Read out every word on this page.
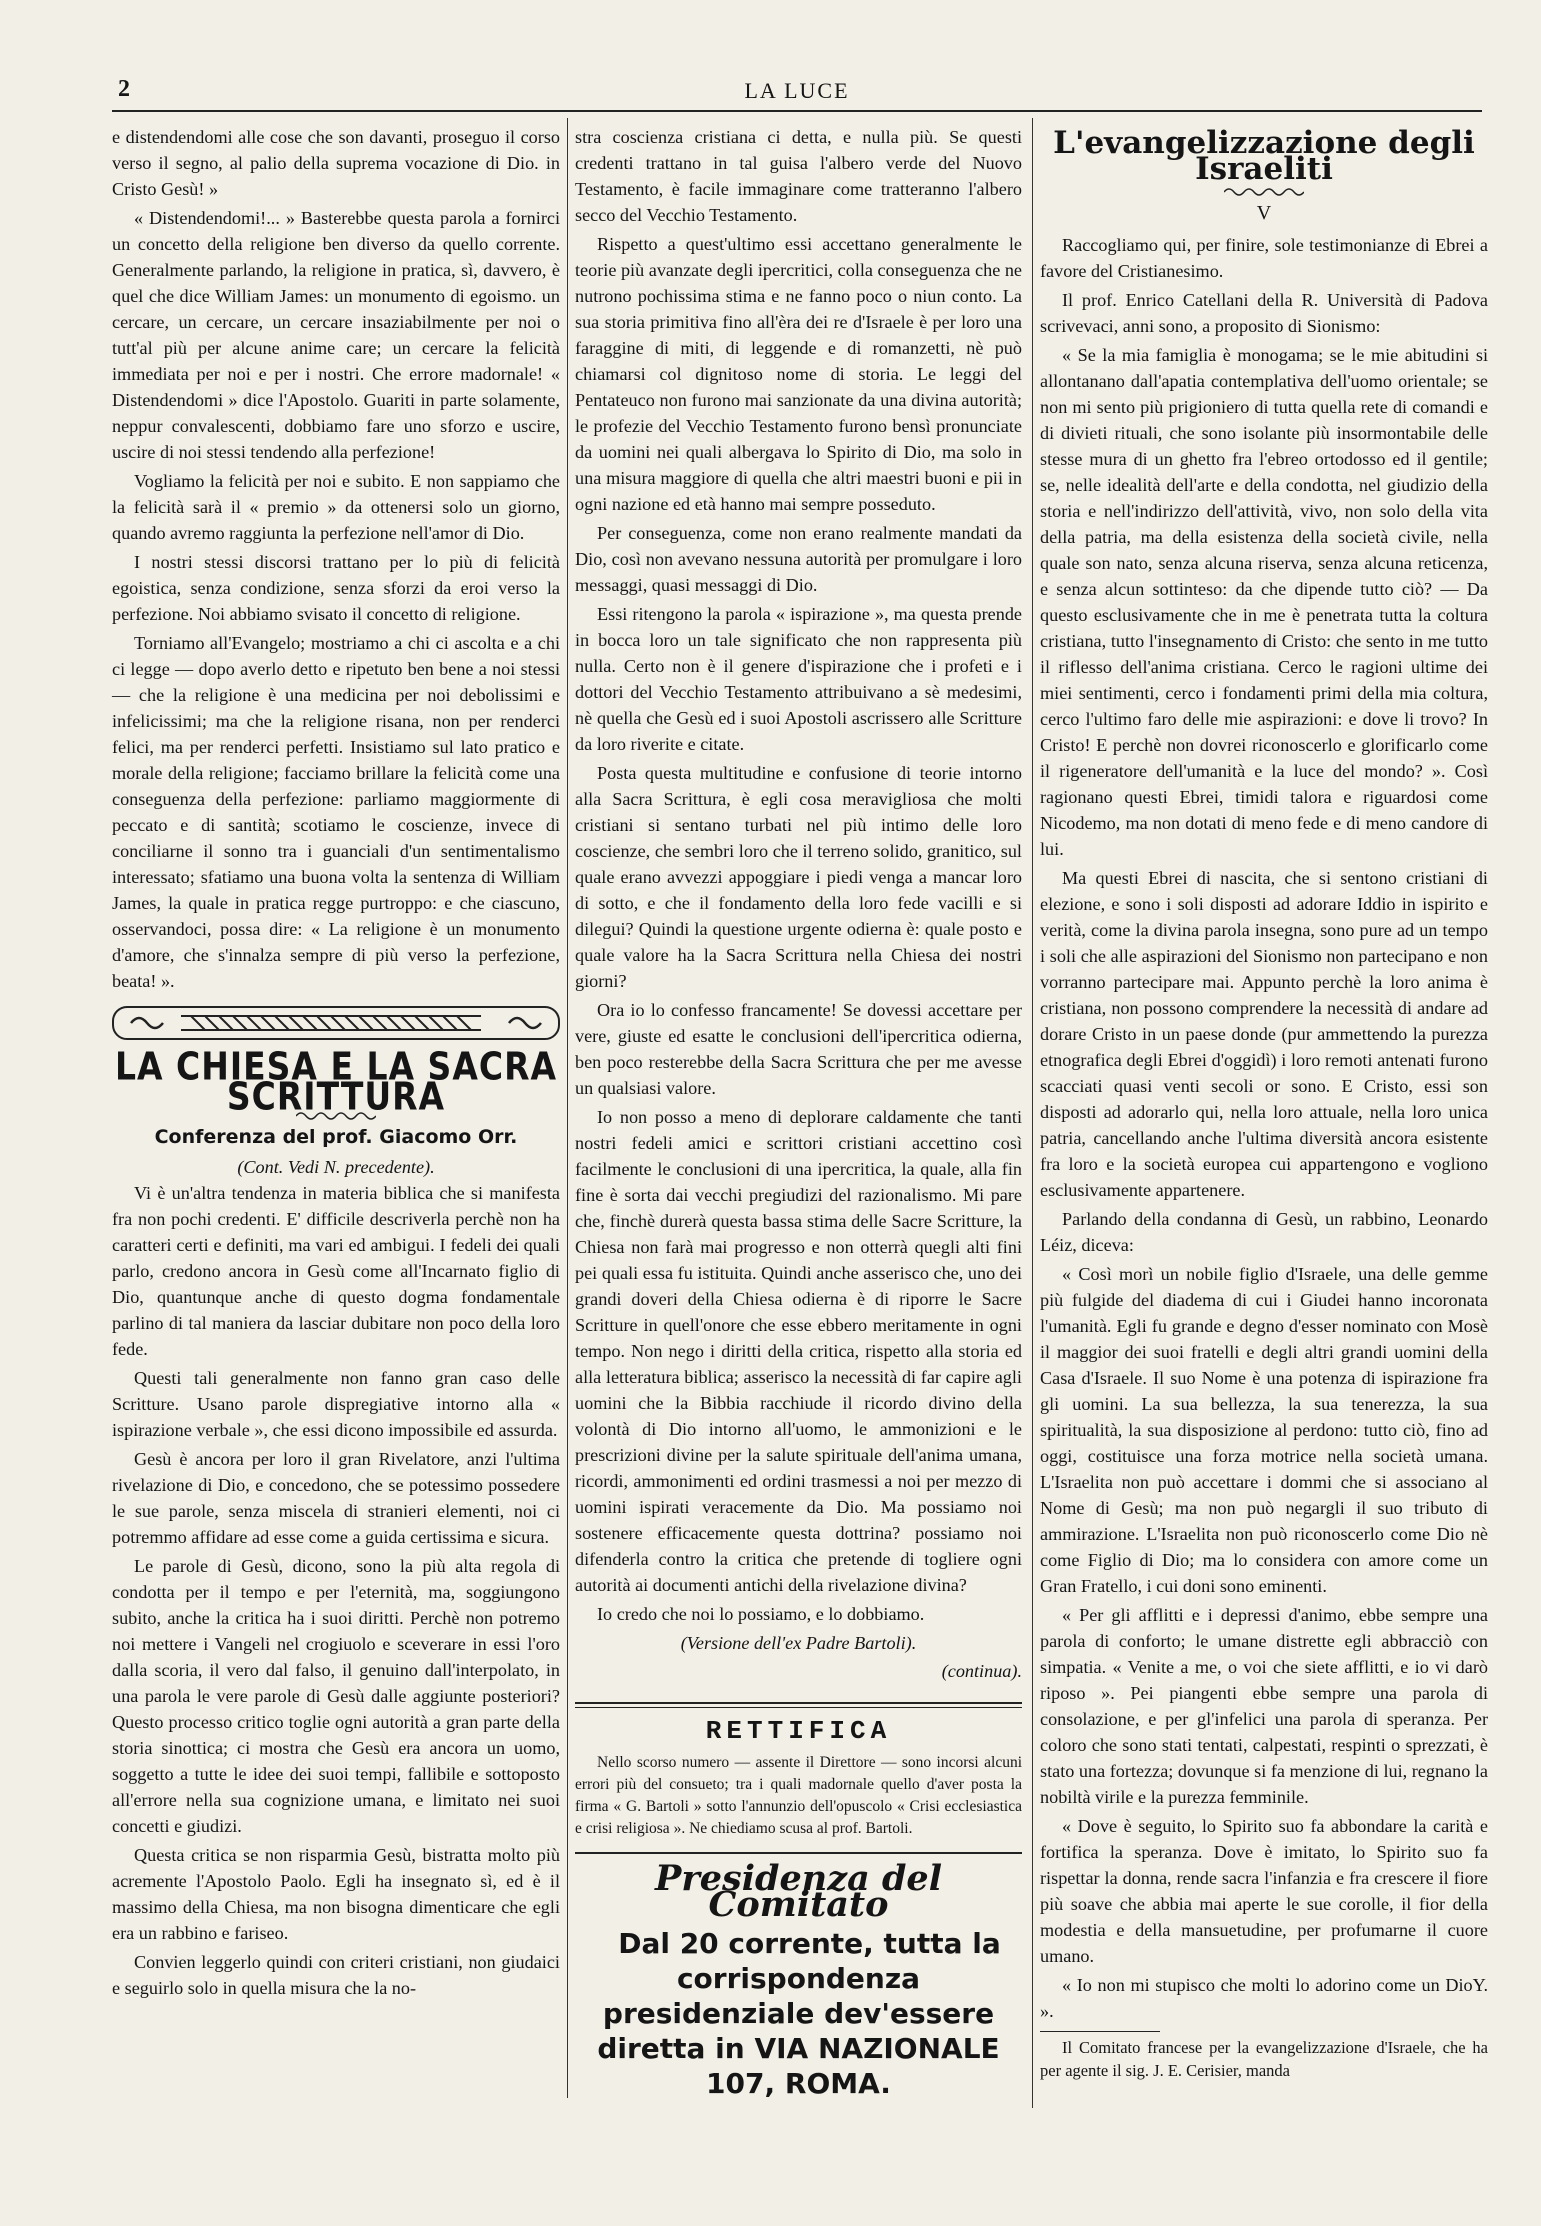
2	LA LUCE

e distendendomi alle cose che son davanti, proseguo il corso verso il segno, al palio della suprema vocazione di Dio. in Cristo Gesù! »

« Distendendomi!... » Basterebbe questa parola a fornirci un concetto della religione ben diverso da quello corrente. Generalmente parlando, la religione in pratica, sì, davvero, è quel che dice William James: un monumento di egoismo. un cercare, un cercare, un cercare insaziabilmente per noi o tutt'al più per alcune anime care; un cercare la felicità immediata per noi e per i nostri. Che errore madornale! « Distendendomi » dice l'Apostolo. Guariti in parte solamente, neppur convalescenti, dobbiamo fare uno sforzo e uscire, uscire di noi stessi tendendo alla perfezione!

Vogliamo la felicità per noi e subito. E non sappiamo che la felicità sarà il « premio » da ottenersi solo un giorno, quando avremo raggiunta la perfezione nell'amor di Dio.

I nostri stessi discorsi trattano per lo più di felicità egoistica, senza condizione, senza sforzi da eroi verso la perfezione. Noi abbiamo svisato il concetto di religione.

Torniamo all'Evangelo; mostriamo a chi ci ascolta e a chi ci legge — dopo averlo detto e ripetuto ben bene a noi stessi — che la religione è una medicina per noi debolissimi e infelicissimi; ma che la religione risana, non per renderci felici, ma per renderci perfetti. Insistiamo sul lato pratico e morale della religione; facciamo brillare la felicità come una conseguenza della perfezione: parliamo maggiormente di peccato e di santità; scotiamo le coscienze, invece di conciliarne il sonno tra i guanciali d'un sentimentalismo interessato; sfatiamo una buona volta la sentenza di William James, la quale in pratica regge purtroppo: e che ciascuno, osservandoci, possa dire: « La religione è un monumento d'amore, che s'innalza sempre di più verso la perfezione, beata! ».

LA CHIESA E LA SACRA SCRITTURA
Conferenza del prof. Giacomo Orr.
(Cont. Vedi N. precedente).

Vi è un'altra tendenza in materia biblica che si manifesta fra non pochi credenti. E' difficile descriverla perchè non ha caratteri certi e definiti, ma vari ed ambigui. I fedeli dei quali parlo, credono ancora in Gesù come all'Incarnato figlio di Dio, quantunque anche di questo dogma fondamentale parlino di tal maniera da lasciar dubitare non poco della loro fede.

Questi tali generalmente non fanno gran caso delle Scritture. Usano parole dispregiative intorno alla « ispirazione verbale », che essi dicono impossibile ed assurda.

Gesù è ancora per loro il gran Rivelatore, anzi l'ultima rivelazione di Dio, e concedono, che se potessimo possedere le sue parole, senza miscela di stranieri elementi, noi ci potremmo affidare ad esse come a guida certissima e sicura.

Le parole di Gesù, dicono, sono la più alta regola di condotta per il tempo e per l'eternità, ma, soggiungono subito, anche la critica ha i suoi diritti. Perchè non potremo noi mettere i Vangeli nel crogiuolo e sceverare in essi l'oro dalla scoria, il vero dal falso, il genuino dall'interpolato, in una parola le vere parole di Gesù dalle aggiunte posteriori? Questo processo critico toglie ogni autorità a gran parte della storia sinottica; ci mostra che Gesù era ancora un uomo, soggetto a tutte le idee dei suoi tempi, fallibile e sottoposto all'errore nella sua cognizione umana, e limitato nei suoi concetti e giudizi.

Questa critica se non risparmia Gesù, bistratta molto più acremente l'Apostolo Paolo. Egli ha insegnato sì, ed è il massimo della Chiesa, ma non bisogna dimenticare che egli era un rabbino e fariseo.

Convien leggerlo quindi con criteri cristiani, non giudaici e seguirlo solo in quella misura che la no-

stra coscienza cristiana ci detta, e nulla più. Se questi credenti trattano in tal guisa l'albero verde del Nuovo Testamento, è facile immaginare come tratteranno l'albero secco del Vecchio Testamento.

Rispetto a quest'ultimo essi accettano generalmente le teorie più avanzate degli ipercritici, colla conseguenza che ne nutrono pochissima stima e ne fanno poco o niun conto. La sua storia primitiva fino all'èra dei re d'Israele è per loro una faraggine di miti, di leggende e di romanzetti, nè può chiamarsi col dignitoso nome di storia. Le leggi del Pentateuco non furono mai sanzionate da una divina autorità; le profezie del Vecchio Testamento furono bensì pronunciate da uomini nei quali albergava lo Spirito di Dio, ma solo in una misura maggiore di quella che altri maestri buoni e pii in ogni nazione ed età hanno mai sempre posseduto.

Per conseguenza, come non erano realmente mandati da Dio, così non avevano nessuna autorità per promulgare i loro messaggi, quasi messaggi di Dio.

Essi ritengono la parola « ispirazione », ma questa prende in bocca loro un tale significato che non rappresenta più nulla. Certo non è il genere d'ispirazione che i profeti e i dottori del Vecchio Testamento attribuivano a sè medesimi, nè quella che Gesù ed i suoi Apostoli ascrissero alle Scritture da loro riverite e citate.

Posta questa multitudine e confusione di teorie intorno alla Sacra Scrittura, è egli cosa meravigliosa che molti cristiani si sentano turbati nel più intimo delle loro coscienze, che sembri loro che il terreno solido, granitico, sul quale erano avvezzi appoggiare i piedi venga a mancar loro di sotto, e che il fondamento della loro fede vacilli e si dilegui? Quindi la questione urgente odierna è: quale posto e quale valore ha la Sacra Scrittura nella Chiesa dei nostri giorni?

Ora io lo confesso francamente! Se dovessi accettare per vere, giuste ed esatte le conclusioni dell'ipercritica odierna, ben poco resterebbe della Sacra Scrittura che per me avesse un qualsiasi valore.

Io non posso a meno di deplorare caldamente che tanti nostri fedeli amici e scrittori cristiani accettino così facilmente le conclusioni di una ipercritica, la quale, alla fin fine è sorta dai vecchi pregiudizi del razionalismo. Mi pare che, finchè durerà questa bassa stima delle Sacre Scritture, la Chiesa non farà mai progresso e non otterrà quegli alti fini pei quali essa fu istituita. Quindi anche asserisco che, uno dei grandi doveri della Chiesa odierna è di riporre le Sacre Scritture in quell'onore che esse ebbero meritamente in ogni tempo. Non nego i diritti della critica, rispetto alla storia ed alla letteratura biblica; asserisco la necessità di far capire agli uomini che la Bibbia racchiude il ricordo divino della volontà di Dio intorno all'uomo, le ammonizioni e le prescrizioni divine per la salute spirituale dell'anima umana, ricordi, ammonimenti ed ordini trasmessi a noi per mezzo di uomini ispirati veracemente da Dio. Ma possiamo noi sostenere efficacemente questa dottrina? possiamo noi difenderla contro la critica che pretende di togliere ogni autorità ai documenti antichi della rivelazione divina?

Io credo che noi lo possiamo, e lo dobbiamo.

(Versione dell'ex Padre Bartoli).
(continua).
RETTIFICA

Nello scorso numero — assente il Direttore — sono incorsi alcuni errori più del consueto; tra i quali madornale quello d'aver posta la firma « G. Bartoli » sotto l'annunzio dell'opuscolo « Crisi ecclesiastica e crisi religiosa ». Ne chiediamo scusa al prof. Bartoli.

Presidenza del Comitato

Dal 20 corrente, tutta la corrispondenza presidenziale dev'essere diretta in VIA NAZIONALE 107, ROMA.

L'evangelizzazione degli Israeliti
V

Raccogliamo qui, per finire, sole testimonianze di Ebrei a favore del Cristianesimo.

Il prof. Enrico Catellani della R. Università di Padova scrivevaci, anni sono, a proposito di Sionismo:

« Se la mia famiglia è monogama; se le mie abitudini si allontanano dall'apatia contemplativa dell'uomo orientale; se non mi sento più prigioniero di tutta quella rete di comandi e di divieti rituali, che sono isolante più insormontabile delle stesse mura di un ghetto fra l'ebreo ortodosso ed il gentile; se, nelle idealità dell'arte e della condotta, nel giudizio della storia e nell'indirizzo dell'attività, vivo, non solo della vita della patria, ma della esistenza della società civile, nella quale son nato, senza alcuna riserva, senza alcuna reticenza, e senza alcun sottinteso: da che dipende tutto ciò? — Da questo esclusivamente che in me è penetrata tutta la coltura cristiana, tutto l'insegnamento di Cristo: che sento in me tutto il riflesso dell'anima cristiana. Cerco le ragioni ultime dei miei sentimenti, cerco i fondamenti primi della mia coltura, cerco l'ultimo faro delle mie aspirazioni: e dove li trovo? In Cristo! E perchè non dovrei riconoscerlo e glorificarlo come il rigeneratore dell'umanità e la luce del mondo? ». Così ragionano questi Ebrei, timidi talora e riguardosi come Nicodemo, ma non dotati di meno fede e di meno candore di lui.

Ma questi Ebrei di nascita, che si sentono cristiani di elezione, e sono i soli disposti ad adorare Iddio in ispirito e verità, come la divina parola insegna, sono pure ad un tempo i soli che alle aspirazioni del Sionismo non partecipano e non vorranno partecipare mai. Appunto perchè la loro anima è cristiana, non possono comprendere la necessità di andare ad dorare Cristo in un paese donde (pur ammettendo la purezza etnografica degli Ebrei d'oggidì) i loro remoti antenati furono scacciati quasi venti secoli or sono. E Cristo, essi son disposti ad adorarlo qui, nella loro attuale, nella loro unica patria, cancellando anche l'ultima diversità ancora esistente fra loro e la società europea cui appartengono e vogliono esclusivamente appartenere.

Parlando della condanna di Gesù, un rabbino, Leonardo Léiz, diceva:

« Così morì un nobile figlio d'Israele, una delle gemme più fulgide del diadema di cui i Giudei hanno incoronata l'umanità. Egli fu grande e degno d'esser nominato con Mosè il maggior dei suoi fratelli e degli altri grandi uomini della Casa d'Israele. Il suo Nome è una potenza di ispirazione fra gli uomini. La sua bellezza, la sua tenerezza, la sua spiritualità, la sua disposizione al perdono: tutto ciò, fino ad oggi, costituisce una forza motrice nella società umana. L'Israelita non può accettare i dommi che si associano al Nome di Gesù; ma non può negargli il suo tributo di ammirazione. L'Israelita non può riconoscerlo come Dio nè come Figlio di Dio; ma lo considera con amore come un Gran Fratello, i cui doni sono eminenti.

« Per gli afflitti e i depressi d'animo, ebbe sempre una parola di conforto; le umane distrette egli abbracciò con simpatia. « Venite a me, o voi che siete afflitti, e io vi darò riposo ». Pei piangenti ebbe sempre una parola di consolazione, e per gl'infelici una parola di speranza. Per coloro che sono stati tentati, calpestati, respinti o sprezzati, è stato una fortezza; dovunque si fa menzione di lui, regnano la nobiltà virile e la purezza femminile.

« Dove è seguito, lo Spirito suo fa abbondare la carità e fortifica la speranza. Dove è imitato, lo Spirito suo fa rispettar la donna, rende sacra l'infanzia e fra crescere il fiore più soave che abbia mai aperte le sue corolle, il fior della modestia e della mansuetudine, per profumarne il cuore umano.

« Io non mi stupisco che molti lo adorino come un Dio ».

Y.

Il Comitato francese per la evangelizzazione d'Israele, che ha per agente il sig. J. E. Cerisier, manda
